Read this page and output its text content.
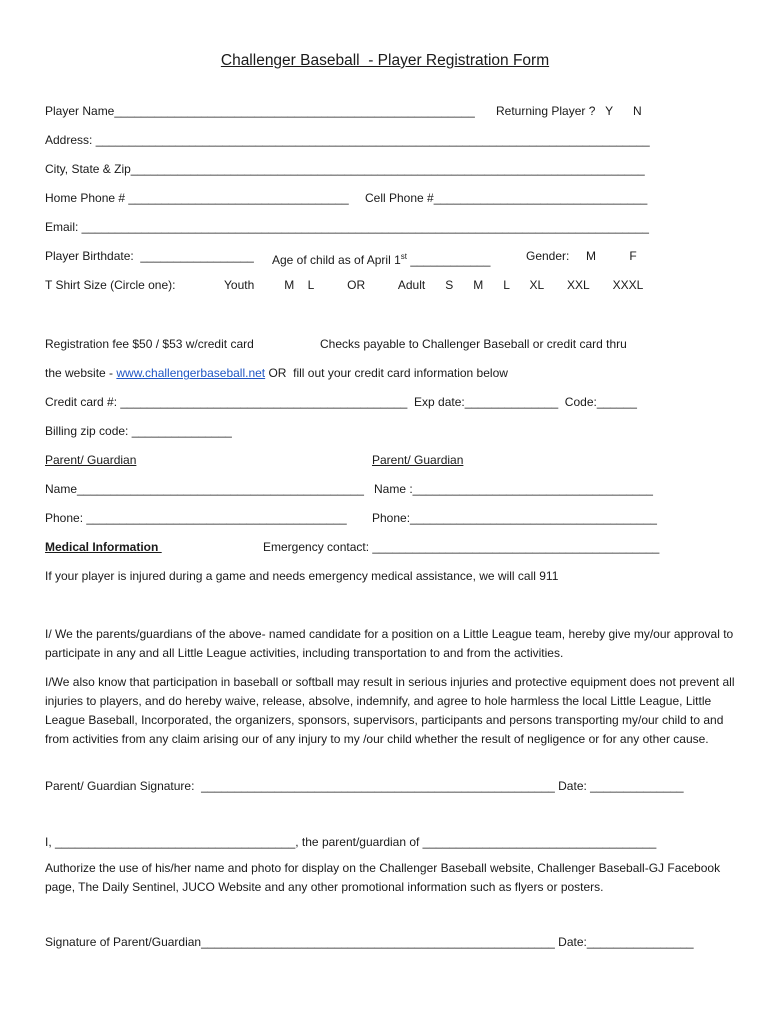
Challenger Baseball  - Player Registration Form
Player Name______________________________________________________ Returning Player ?   Y      N
Address: ___________________________________________________________________________________
City, State & Zip_____________________________________________________________________________
Home Phone # _________________________________ Cell Phone #________________________________
Email: _____________________________________________________________________________________
Player Birthdate:  _________________ Age of child as of April 1st ____________	Gender:     M          F
T Shirt Size (Circle one):	Youth         M    L          OR          Adult      S      M      L      XL       XXL       XXXL
Registration fee $50 / $53 w/credit card	Checks payable to Challenger Baseball or credit card thru
the website - www.challengerbaseball.net OR  fill out your credit card information below
Credit card #: ___________________________________________  Exp date:______________  Code:______
Billing zip code: _______________
Parent/ Guardian	Parent/ Guardian
Name___________________________________________ Name :____________________________________
Phone: _______________________________________ Phone:_____________________________________
Medical Information	Emergency contact: ___________________________________________
If your player is injured during a game and needs emergency medical assistance, we will call 911
I/ We the parents/guardians of the above- named candidate for a position on a Little League team, hereby give my/our approval to participate in any and all Little League activities, including transportation to and from the activities.
I/We also know that participation in baseball or softball may result in serious injuries and protective equipment does not prevent all injuries to players, and do hereby waive, release, absolve, indemnify, and agree to hole harmless the local Little League, Little League Baseball, Incorporated, the organizers, sponsors, supervisors, participants and persons transporting my/our child to and from activities from any claim arising our of any injury to my /our child whether the result of negligence or for any other cause.
Parent/ Guardian Signature:  _____________________________________________________ Date: ______________
I, ____________________________________, the parent/guardian of ___________________________________
Authorize the use of his/her name and photo for display on the Challenger Baseball website, Challenger Baseball-GJ Facebook page, The Daily Sentinel, JUCO Website and any other promotional information such as flyers or posters.
Signature of Parent/Guardian_____________________________________________________ Date:________________
